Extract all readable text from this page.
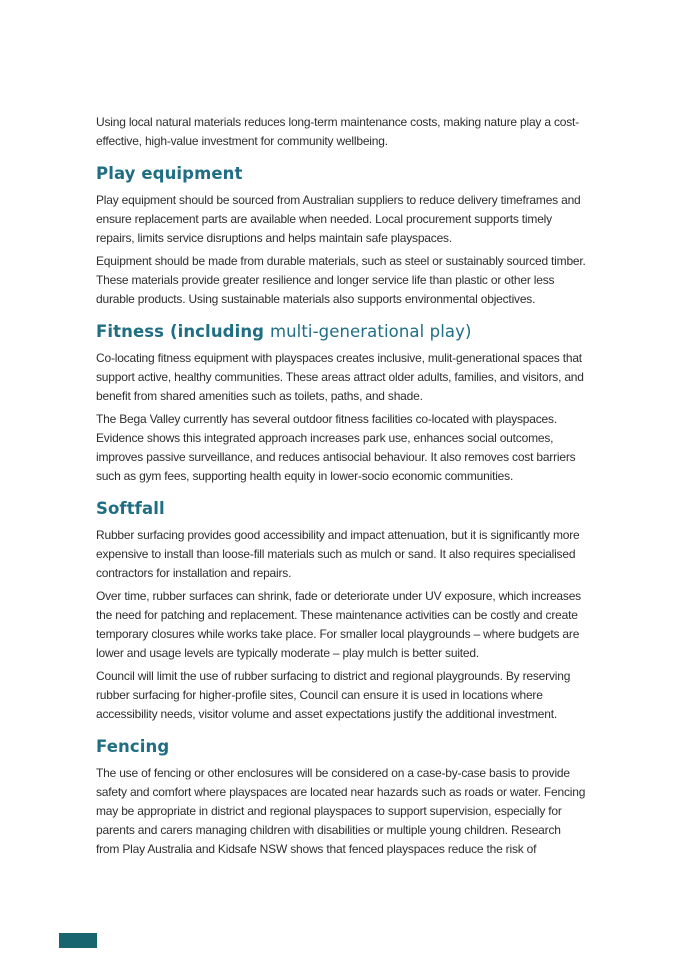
Using local natural materials reduces long-term maintenance costs, making nature play a cost-effective, high-value investment for community wellbeing.

Play equipment

Play equipment should be sourced from Australian suppliers to reduce delivery timeframes and ensure replacement parts are available when needed. Local procurement supports timely repairs, limits service disruptions and helps maintain safe playspaces.

Equipment should be made from durable materials, such as steel or sustainably sourced timber. These materials provide greater resilience and longer service life than plastic or other less durable products. Using sustainable materials also supports environmental objectives.

Fitness (including multi-generational play)

Co-locating fitness equipment with playspaces creates inclusive, mulit-generational spaces that support active, healthy communities. These areas attract older adults, families, and visitors, and benefit from shared amenities such as toilets, paths, and shade.

The Bega Valley currently has several outdoor fitness facilities co-located with playspaces. Evidence shows this integrated approach increases park use, enhances social outcomes, improves passive surveillance, and reduces antisocial behaviour. It also removes cost barriers such as gym fees, supporting health equity in lower-socio economic communities.

Softfall

Rubber surfacing provides good accessibility and impact attenuation, but it is significantly more expensive to install than loose-fill materials such as mulch or sand. It also requires specialised contractors for installation and repairs.

Over time, rubber surfaces can shrink, fade or deteriorate under UV exposure, which increases the need for patching and replacement. These maintenance activities can be costly and create temporary closures while works take place. For smaller local playgrounds – where budgets are lower and usage levels are typically moderate – play mulch is better suited.

Council will limit the use of rubber surfacing to district and regional playgrounds. By reserving rubber surfacing for higher-profile sites, Council can ensure it is used in locations where accessibility needs, visitor volume and asset expectations justify the additional investment.

Fencing

The use of fencing or other enclosures will be considered on a case-by-case basis to provide safety and comfort where playspaces are located near hazards such as roads or water. Fencing may be appropriate in district and regional playspaces to support supervision, especially for parents and carers managing children with disabilities or multiple young children. Research from Play Australia and Kidsafe NSW shows that fenced playspaces reduce the risk of
